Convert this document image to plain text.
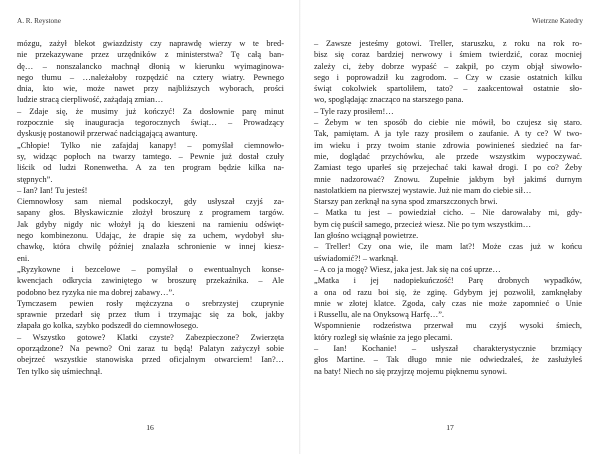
A. R. Reystone
mózgu, zażył blekot gwiazdzisty czy naprawdę wierzy w te bred-
nie przekazywane przez urzędników z ministerstwa? Tę całą ban-
dę… – nonszalancko machnął dłonią w kierunku wyimaginowa-
nego tłumu – …należałoby rozpędzić na cztery wiatry. Pewnego
dnia, kto wie, może nawet przy najbliższych wyborach, prości
ludzie stracą cierpliwość, zażądają zmian…
– Zdaje się, że musimy już kończyć! Za dosłownie parę minut
rozpocznie się inauguracja tegorocznych świąt… – Prowadzący
dyskusję postanowił przerwać nadciągającą awanturę.
„Chłopie! Tylko nie zafajdaj kanapy! – pomyślał ciemnowło-
sy, widząc popłoch na twarzy tamtego. – Pewnie już dostał czuły
liścik od ludzi Ronenwetha. A za ten program będzie kilka na-
stępnych”.
– Ian? Ian! Tu jesteś!
Ciemnowłosy sam niemal podskoczył, gdy usłyszał czyjś za-
sapany głos. Błyskawicznie złożył broszurę z programem targów.
Jak gdyby nigdy nic włożył ją do kieszeni na ramieniu odświęt-
nego kombinezonu. Udając, że drapie się za uchem, wydobył słu-
chawkę, która chwilę później znalazła schronienie w innej kiesz-
eni.
„Ryzykowne i bezcelowe – pomyślał o ewentualnych konse-
kwencjach odkrycia zawiniętego w broszurę przekaźnika. – Ale
podobno bez ryzyka nie ma dobrej zabawy…”.
Tymczasem pewien rosły mężczyzna o srebrzystej czuprynie
sprawnie przedarł się przez tłum i trzymając się za bok, jakby
złapała go kolka, szybko podszedł do ciemnowłosego.
– Wszystko gotowe? Klatki czyste? Zabezpieczone? Zwierzęta
oporządzone? Na pewno? Oni zaraz tu będą! Palatyn zażyczył sobie
obejrzeć wszystkie stanowiska przed oficjalnym otwarciem! Ian?…
Ten tylko się uśmiechnął.
16
Wietrzne Katedry
– Zawsze jesteśmy gotowi. Treller, staruszku, z roku na rok ro-
bisz się coraz bardziej nerwowy i śmiem twierdzić, coraz mocniej
zależy ci, żeby dobrze wypaść – zakpił, po czym objął siwowło-
sego i poprowadził ku zagrodom. – Czy w czasie ostatnich kilku
świąt cokolwiek spartoliłem, tato? – zaakcentował ostatnie sło-
wo, spoglądając znacząco na starszego pana.
– Tyle razy prosiłem!…
– Żebym w ten sposób do ciebie nie mówił, bo czujesz się staro.
Tak, pamiętam. A ja tyle razy prosiłem o zaufanie. A ty ce? W two-
im wieku i przy twoim stanie zdrowia powinieneś siedzieć na far-
mie, doglądać przychówku, ale przede wszystkim wypoczywać.
Zamiast tego uparłeś się przejechać taki kawał drogi. I po co? Żeby
mnie nadzorować? Znowu. Zupełnie jakbym był jakimś durnym
nastolatkiem na pierwszej wystawie. Już nie mam do ciebie sił…
Starszy pan zerknął na syna spod zmarszczonych brwi.
– Matka tu jest – powiedział cicho. – Nie darowałaby mi, gdy-
bym cię puścił samego, przecież wiesz. Nie po tym wszystkim…
Ian głośno wciągnął powietrze.
– Treller! Czy ona wie, ile mam lat?! Może czas już w końcu
uświadomić?! – warknął.
– A co ja mogę? Wiesz, jaka jest. Jak się na coś uprze…
„Matka i jej nadopiekuńczość! Parę drobnych wypadków,
a ona od razu boi się, że zginę. Gdybym jej pozwolił, zamknęłaby
mnie w złotej klatce. Zgoda, cały czas nie może zapomnieć o Unie
i Russellu, ale na Onyksową Harfę…”.
Wspomnienie rodzeństwa przerwał mu czyjś wysoki śmiech,
który rozległ się właśnie za jego plecami.
– Ian! Kochanie! – usłyszał charakterystycznie brzmiący
głos Martine. – Tak długo mnie nie odwiedzałeś, że zasłużyłeś
na baty! Niech no się przyjrzę mojemu pięknemu synowi.
17
